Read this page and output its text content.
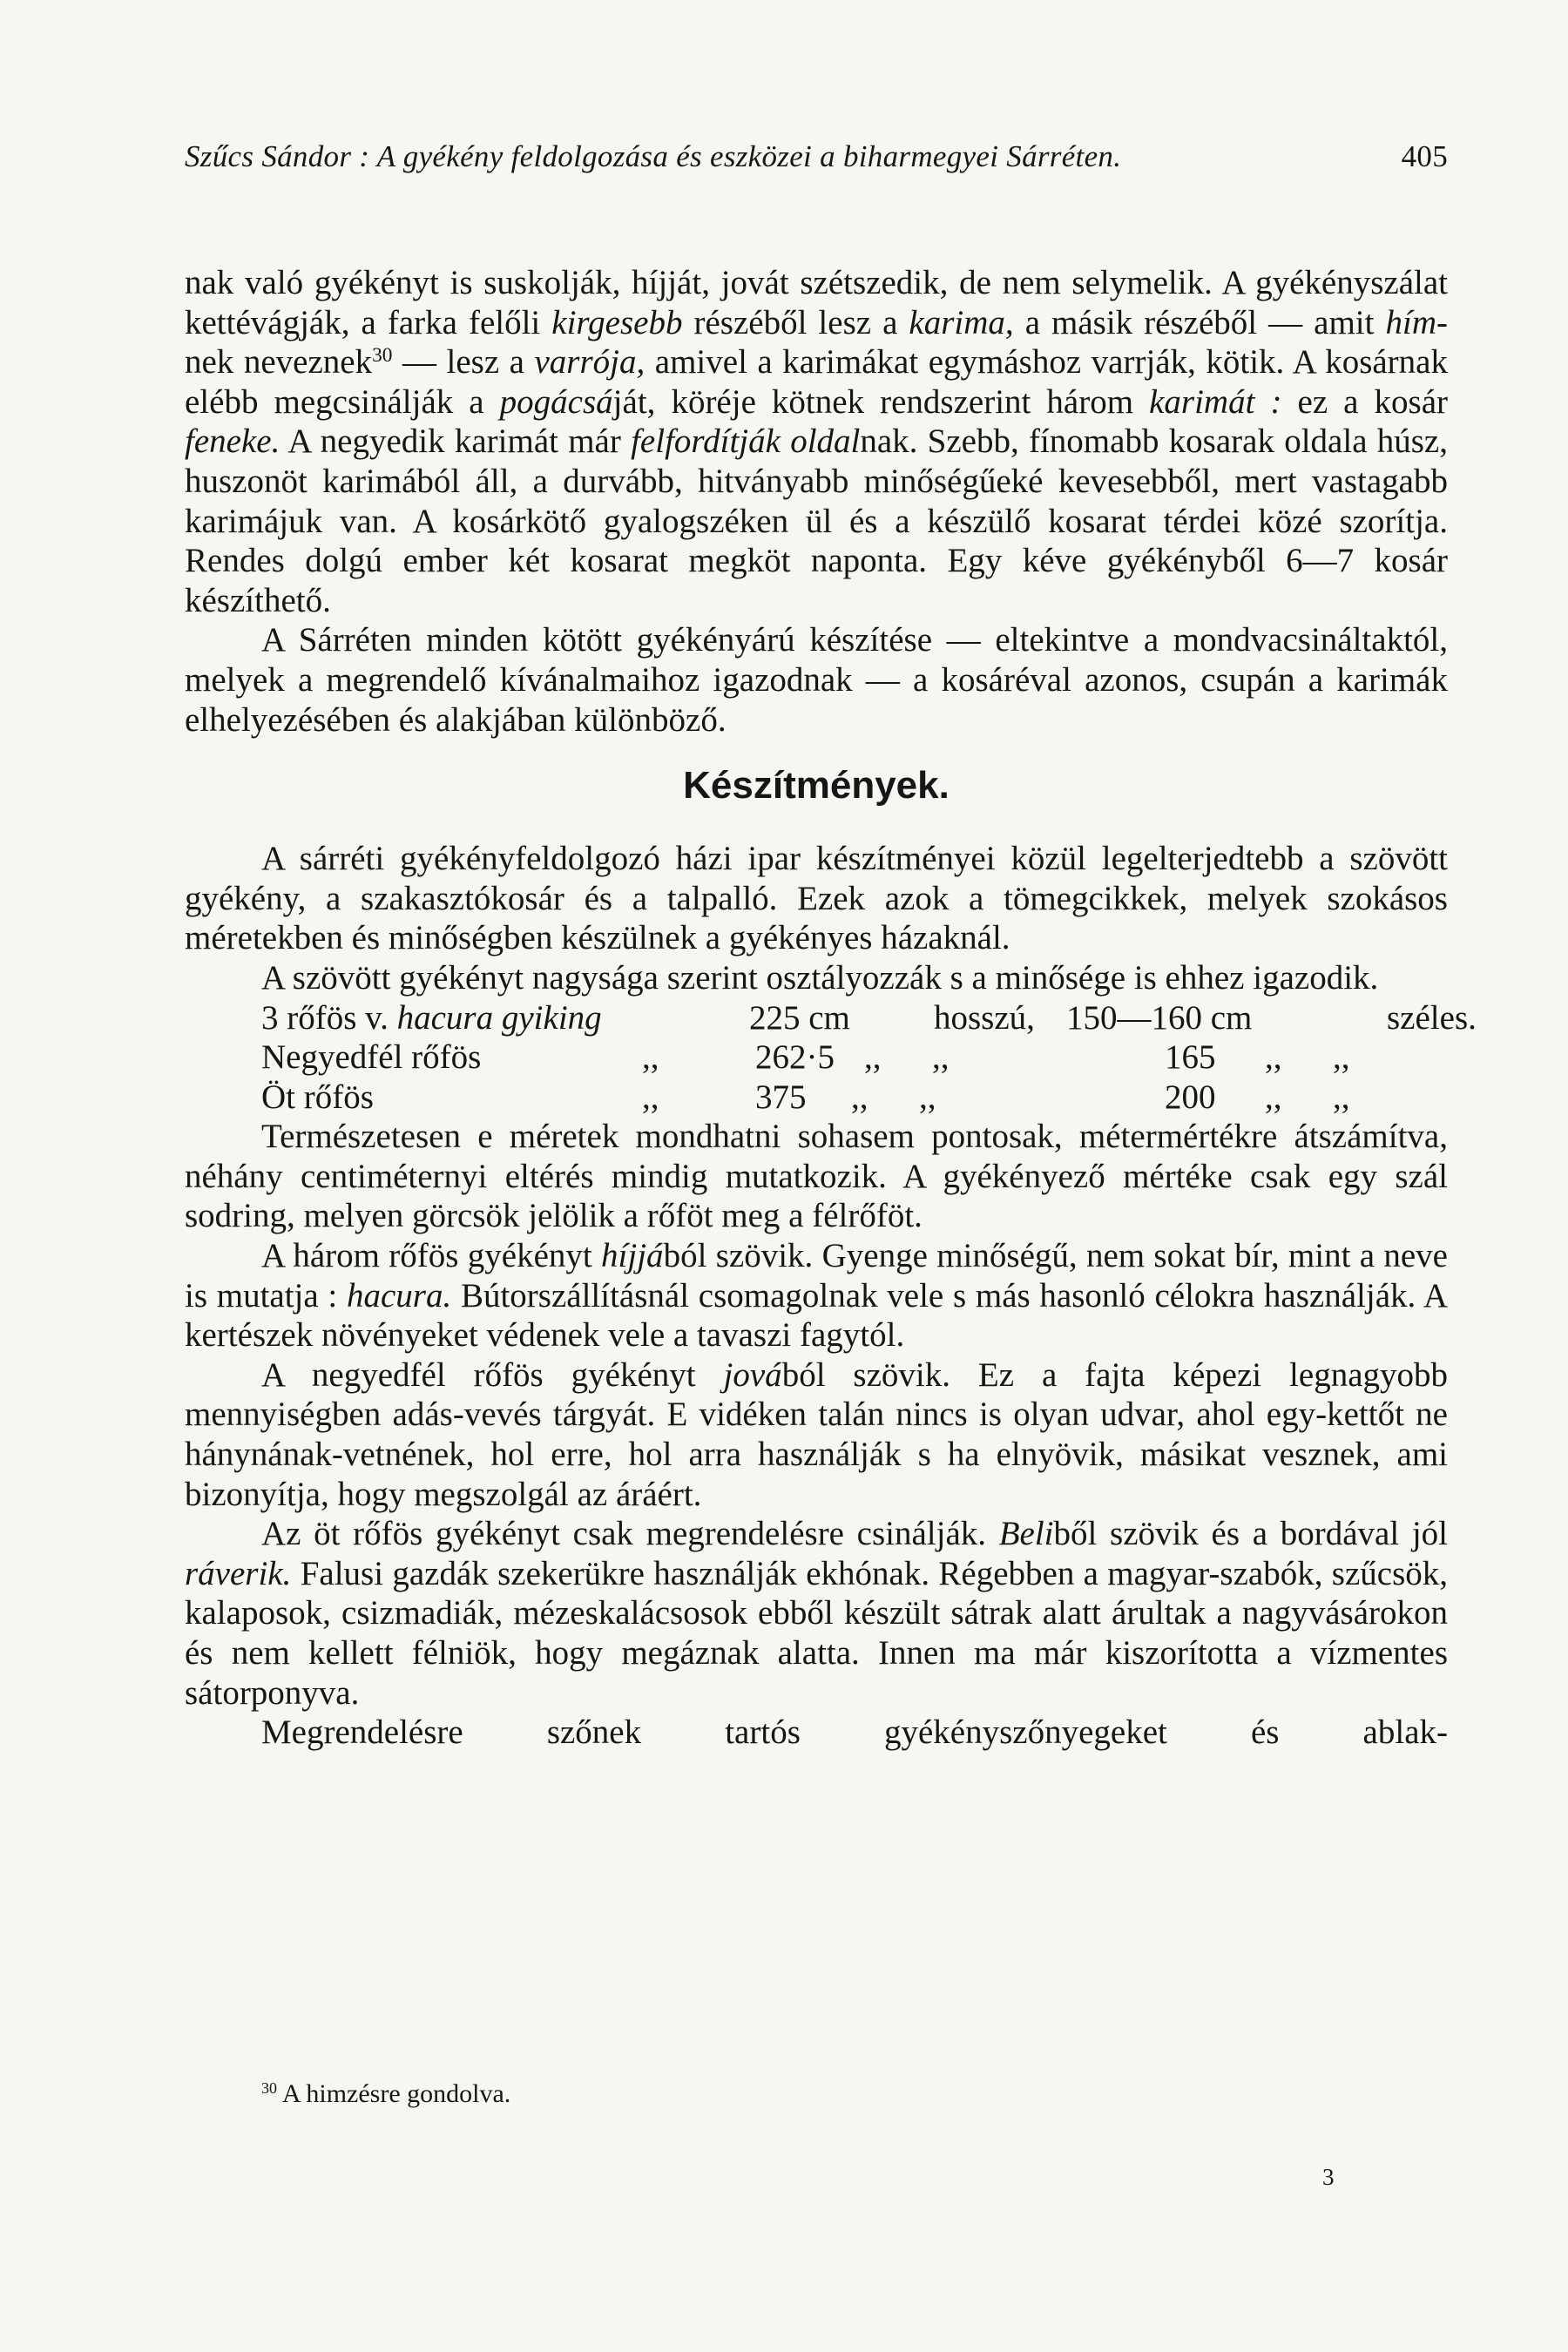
Szűcs Sándor : A gyékény feldolgozása és eszközei a biharmegyei Sárréten.	405

nak való gyékényt is suskolják, híjját, jovát szétszedik, de nem selymelik. A gyékényszálat kettévágják, a farka felőli kirgesebb részéből lesz a karima, a másik részéből — amit hím-nek neveznek$^{30}$ — lesz a varrója, amivel a karimákat egymáshoz varrják, kötik. A kosárnak elébb megcsinálják a pogácsáját, köréje kötnek rendszerint három karimát : ez a kosár feneke. A negyedik karimát már felfordítják oldalnak. Szebb, fínomabb kosarak oldala húsz, huszonöt karimából áll, a durvább, hitványabb minőségűeké kevesebből, mert vastagabb karimájuk van. A kosárkötő gyalogszéken ül és a készülő kosarat térdei közé szorítja. Rendes dolgú ember két kosarat megköt naponta. Egy kéve gyékényből 6—7 kosár készíthető.

A Sárréten minden kötött gyékényárú készítése — eltekintve a mondvacsináltaktól, melyek a megrendelő kívánalmaihoz igazodnak — a kosáréval azonos, csupán a karimák elhelyezésében és alakjában különböző.

Készítmények.

A sárréti gyékényfeldolgozó házi ipar készítményei közül legelterjedtebb a szövött gyékény, a szakasztókosár és a talpalló. Ezek azok a tömegcikkek, melyek szokásos méretekben és minőségben készülnek a gyékényes házaknál.

A szövött gyékényt nagysága szerint osztályozzák s a minősége is ehhez igazodik.

3 rőfös v. hacura gyiking	225 cm hosszú, 150—160 cm	széles.
Negyedfél rőfös	,,	262·5 ,,      ,,	165 ,,      ,,
Öt rőfös	,,	375 ,,      ,,	200 ,,      ,,

Természetesen e méretek mondhatni sohasem pontosak, métermértékre átszámítva, néhány centiméternyi eltérés mindig mutatkozik. A gyékényező mértéke csak egy szál sodring, melyen görcsök jelölik a rőföt meg a félrőföt.

A három rőfös gyékényt híjjából szövik. Gyenge minőségű, nem sokat bír, mint a neve is mutatja : hacura. Bútorszállításnál csomagolnak vele s más hasonló célokra használják. A kertészek növényeket védenek vele a tavaszi fagytól.

A negyedfél rőfös gyékényt jovából szövik. Ez a fajta képezi legnagyobb mennyiségben adás-vevés tárgyát. E vidéken talán nincs is olyan udvar, ahol egy-kettőt ne hánynának-vetnének, hol erre, hol arra használják s ha elnyövik, másikat vesznek, ami bizonyítja, hogy megszolgál az áráért.

Az öt rőfös gyékényt csak megrendelésre csinálják. Beliből szövik és a bordával jól ráverik. Falusi gazdák szekerükre használják ekhónak. Régebben a magyar-szabók, szűcsök, kalaposok, csizmadiák, mézeskalácsosok ebből készült sátrak alatt árultak a nagyvásárokon és nem kellett félniök, hogy megáznak alatta. Innen ma már kiszorította a vízmentes sátorponyva.

Megrendelésre szőnek tartós gyékényszőnyegeket és ablak-

$^{30}$ A himzésre gondolva.
3
